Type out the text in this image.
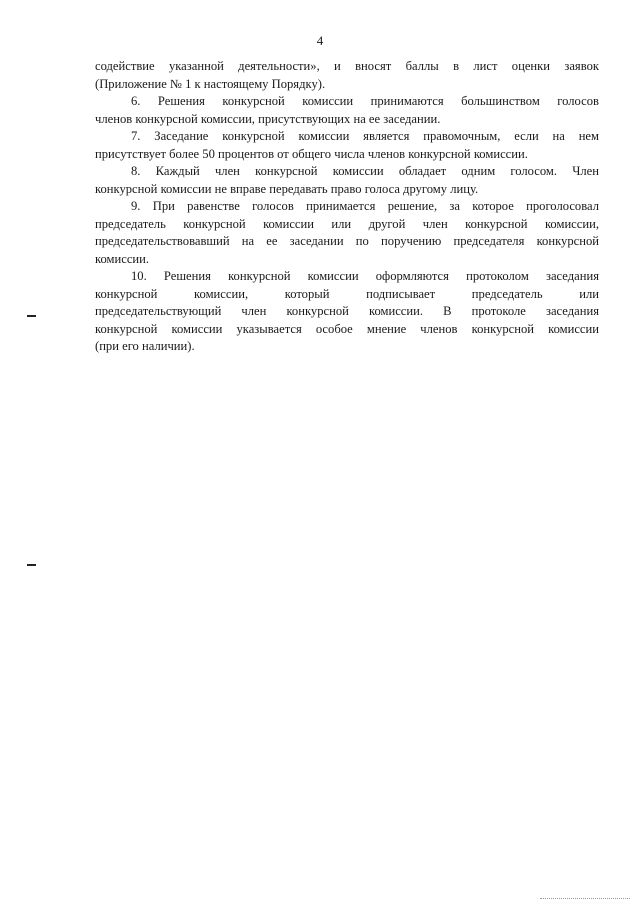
4
содействие указанной деятельности», и вносят баллы в лист оценки заявок
(Приложение № 1 к настоящему Порядку).
6. Решения конкурсной комиссии принимаются большинством голосов
членов конкурсной комиссии, присутствующих на ее заседании.
7. Заседание конкурсной комиссии является правомочным, если на нем
присутствует более 50 процентов от общего числа членов конкурсной комиссии.
8. Каждый член конкурсной комиссии обладает одним голосом. Член
конкурсной комиссии не вправе передавать право голоса другому лицу.
9. При равенстве голосов принимается решение, за которое проголосовал
председатель конкурсной комиссии или другой член конкурсной комиссии,
председательствовавший на ее заседании по поручению председателя конкурсной
комиссии.
10. Решения конкурсной комиссии оформляются протоколом заседания
конкурсной комиссии, который подписывает председатель или
председательствующий член конкурсной комиссии. В протоколе заседания
конкурсной комиссии указывается особое мнение членов конкурсной комиссии
(при его наличии).
